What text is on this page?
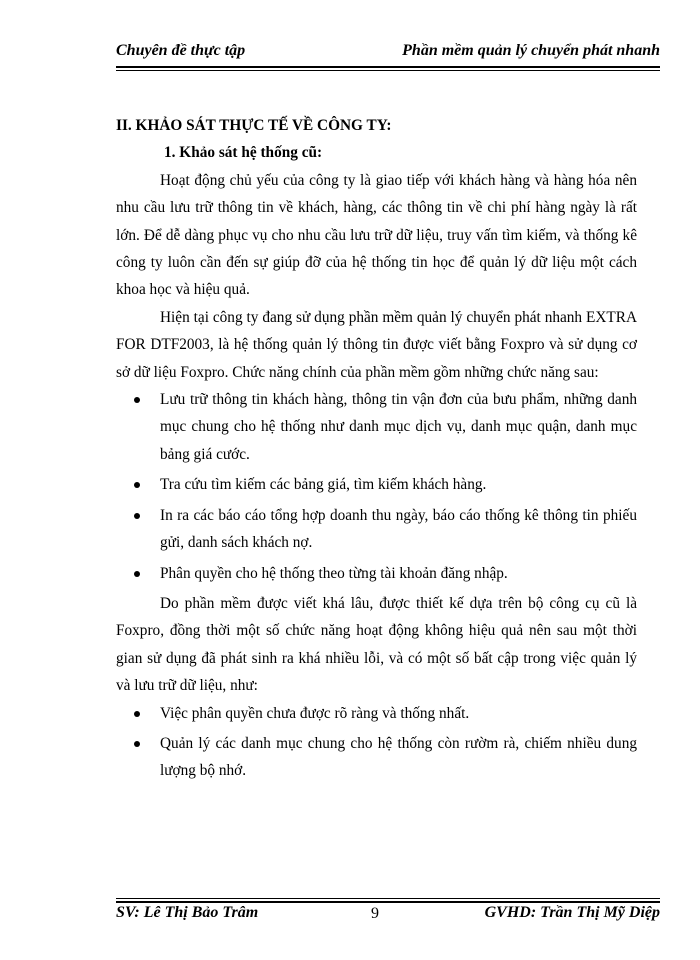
Chuyên đề thực tập	Phần mềm quản lý chuyển phát nhanh

II. KHẢO SÁT THỰC TẾ VỀ CÔNG TY:

1. Khảo sát hệ thống cũ:

Hoạt động chủ yếu của công ty là giao tiếp với khách hàng và hàng hóa nên nhu cầu lưu trữ thông tin về khách, hàng, các thông tin về chi phí hàng ngày là rất lớn. Để dễ dàng phục vụ cho nhu cầu lưu trữ dữ liệu, truy vấn tìm kiếm, và thống kê công ty luôn cần đến sự giúp đỡ của hệ thống tin học để quản lý dữ liệu một cách khoa học và hiệu quả.

Hiện tại công ty đang sử dụng phần mềm quản lý chuyển phát nhanh EXTRA FOR DTF2003, là hệ thống quản lý thông tin được viết bằng Foxpro và sử dụng cơ sở dữ liệu Foxpro. Chức năng chính của phần mềm gồm những chức năng sau:

Lưu trữ thông tin khách hàng, thông tin vận đơn của bưu phẩm, những danh mục chung cho hệ thống như danh mục dịch vụ, danh mục quận, danh mục bảng giá cước.
Tra cứu tìm kiếm các bảng giá, tìm kiếm khách hàng.
In ra các báo cáo tổng hợp doanh thu ngày, báo cáo thống kê thông tin phiếu gửi, danh sách khách nợ.
Phân quyền cho hệ thống theo từng tài khoản đăng nhập.

Do phần mềm được viết khá lâu, được thiết kế dựa trên bộ công cụ cũ là Foxpro, đồng thời một số chức năng hoạt động không hiệu quả nên sau một thời gian sử dụng đã phát sinh ra khá nhiều lỗi, và có một số bất cập trong việc quản lý và lưu trữ dữ liệu, như:

Việc phân quyền chưa được rõ ràng và thống nhất.
Quản lý các danh mục chung cho hệ thống còn rườm rà, chiếm nhiều dung lượng bộ nhớ.
SV: Lê Thị Bảo Trâm	9	GVHD: Trần Thị Mỹ Diệp
